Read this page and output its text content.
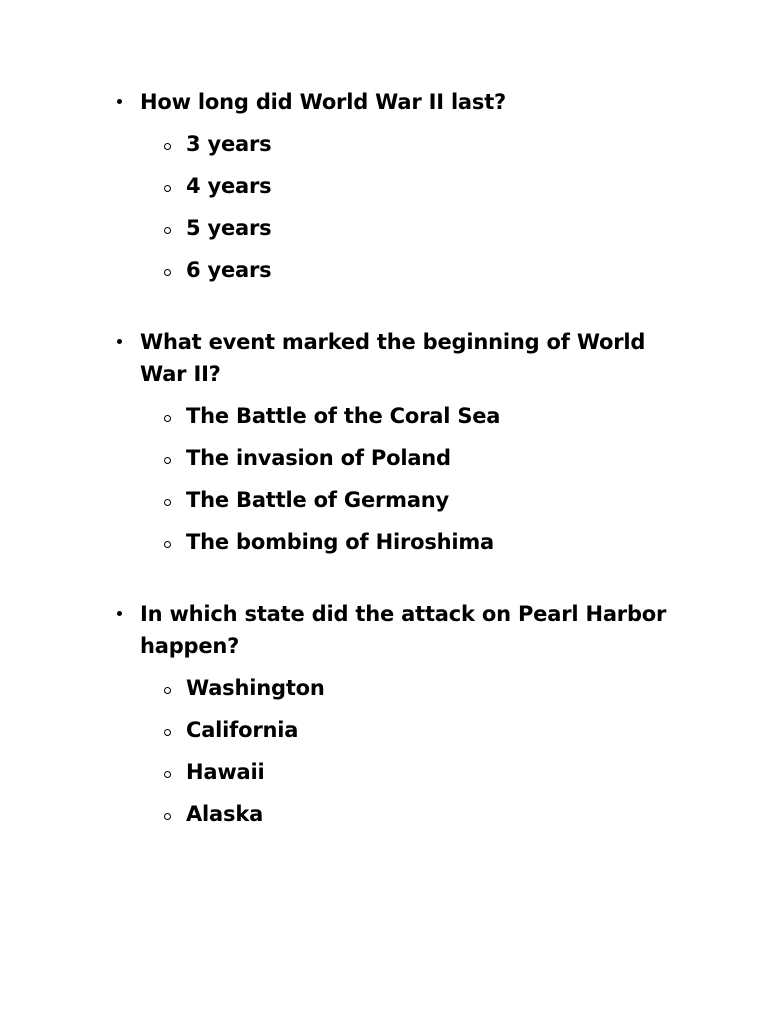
How long did World War II last?
3 years
4 years
5 years
6 years
What event marked the beginning of World War II?
The Battle of the Coral Sea
The invasion of Poland
The Battle of Germany
The bombing of Hiroshima
In which state did the attack on Pearl Harbor happen?
Washington
California
Hawaii
Alaska
